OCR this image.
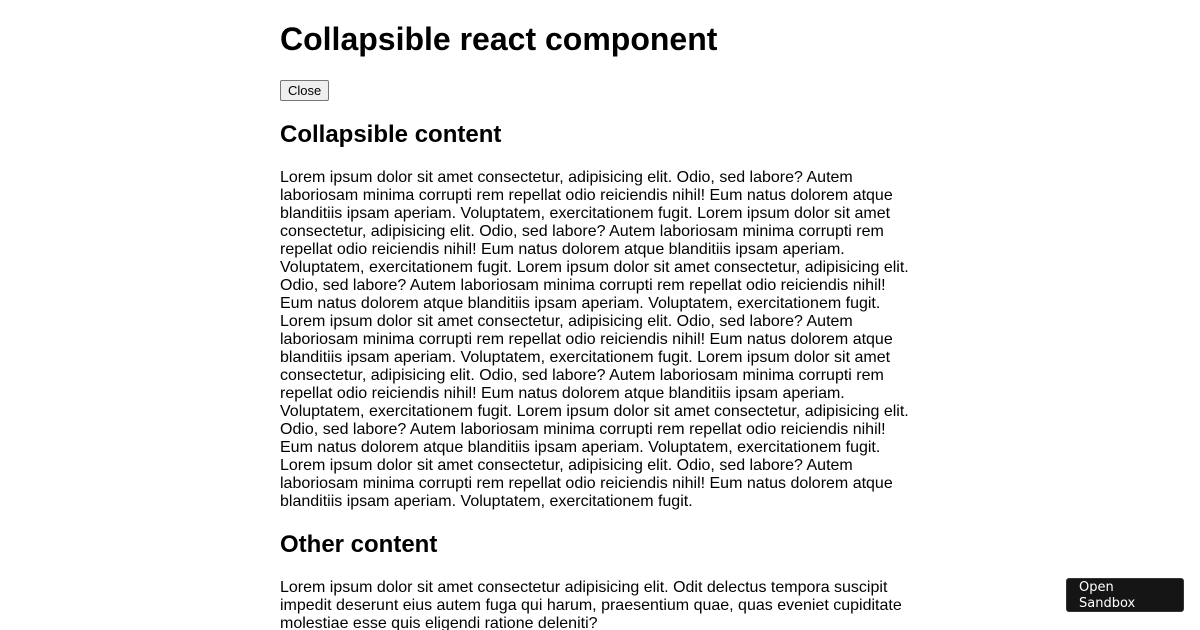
Collapsible react component
Close
Collapsible content

Lorem ipsum dolor sit amet consectetur, adipisicing elit. Odio, sed labore? Autem laboriosam minima corrupti rem repellat odio reiciendis nihil! Eum natus dolorem atque blanditiis ipsam aperiam. Voluptatem, exercitationem fugit. Lorem ipsum dolor sit amet consectetur, adipisicing elit. Odio, sed labore? Autem laboriosam minima corrupti rem repellat odio reiciendis nihil! Eum natus dolorem atque blanditiis ipsam aperiam. Voluptatem, exercitationem fugit. Lorem ipsum dolor sit amet consectetur, adipisicing elit. Odio, sed labore? Autem laboriosam minima corrupti rem repellat odio reiciendis nihil! Eum natus dolorem atque blanditiis ipsam aperiam. Voluptatem, exercitationem fugit. Lorem ipsum dolor sit amet consectetur, adipisicing elit. Odio, sed labore? Autem laboriosam minima corrupti rem repellat odio reiciendis nihil! Eum natus dolorem atque blanditiis ipsam aperiam. Voluptatem, exercitationem fugit. Lorem ipsum dolor sit amet consectetur, adipisicing elit. Odio, sed labore? Autem laboriosam minima corrupti rem repellat odio reiciendis nihil! Eum natus dolorem atque blanditiis ipsam aperiam. Voluptatem, exercitationem fugit. Lorem ipsum dolor sit amet consectetur, adipisicing elit. Odio, sed labore? Autem laboriosam minima corrupti rem repellat odio reiciendis nihil! Eum natus dolorem atque blanditiis ipsam aperiam. Voluptatem, exercitationem fugit. Lorem ipsum dolor sit amet consectetur, adipisicing elit. Odio, sed labore? Autem laboriosam minima corrupti rem repellat odio reiciendis nihil! Eum natus dolorem atque blanditiis ipsam aperiam. Voluptatem, exercitationem fugit.

Other content

Lorem ipsum dolor sit amet consectetur adipisicing elit. Odit delectus tempora suscipit impedit deserunt eius autem fuga qui harum, praesentium quae, quas eveniet cupiditate molestiae esse quis eligendi ratione deleniti?

Open Sandbox
